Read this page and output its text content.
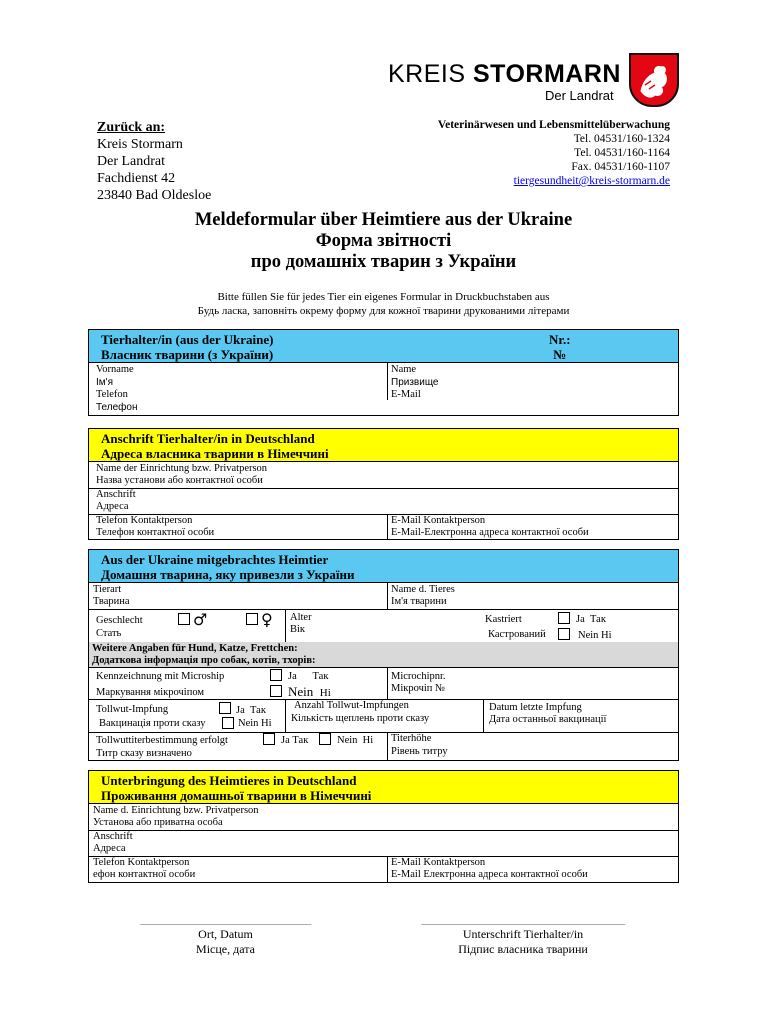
KREIS STORMARN
Der Landrat
Zurück an:
Kreis Stormarn
Der Landrat
Fachdienst 42
23840 Bad Oldesloe
Veterinärwesen und Lebensmittelüberwachung
Tel. 04531/160-1324
Tel. 04531/160-1164
Fax. 04531/160-1107
tiergesundheit@kreis-stormarn.de
Meldeformular über Heimtiere aus der Ukraine
Форма звітності
про домашніх тварин з України
Bitte füllen Sie für jedes Tier ein eigenes Formular in Druckbuchstaben aus
Будь ласка, заповніть окрему форму для кожної тварини друкованими літерами
Tierhalter/in (aus der Ukraine)
Власник тварини (з України)
Nr.:
№
Vorname
Ім'я
Name
Призвище
Telefon
Телефон
E-Mail
Anschrift Tierhalter/in in Deutschland
Адреса власника тварини в Німеччині
Name der Einrichtung bzw. Privatperson
Назва установи або контактної особи
Anschrift
Адреса
Telefon Kontaktperson
Телефон контактної особи
E-Mail Kontaktperson
E-Mail-Електронна адреса контактної особи
Aus der Ukraine mitgebrachtes Heimtier
Домашня тварина, яку привезли з України
Tierart
Тварина
Name d. Tieres
Ім'я тварини
Geschlecht
Стать
♂	♀ Alter
Вік
Kastriert
Кастрований
Ja Так
Nein Ні
Weitere Angaben für Hund, Katze, Frettchen:
Додаткова інформація про собак, котів, тхорів:
Kennzeichnung mit Microship
Маркування мікрочіпом
Ja Так
Nein Ні
Microchipnr.
Мікрочіп №
Tollwut-Impfung
Вакцинація проти сказу
Ja Так
Nein Ні
Anzahl Tollwut-Impfungen
Кількість щеплень проти сказу
Datum letzte Impfung
Дата останньої вакцинації
Tollwuttiterbestimmung erfolgt
Титр сказу визначено
Ja Так	Nein Ні Titerhöhe
Рівень титру
Unterbringung des Heimtieres in Deutschland
Проживання домашньої тварини в Німеччині
Name d. Einrichtung bzw. Privatperson
Установа або приватна особа
Anschrift
Адреса
Telefon Kontaktperson
ефон контактної особи
E-Mail Kontaktperson
E-Mail Електронна адреса контактної особи
_______________________________
Ort, Datum
Місце, дата
_____________________________________
Unterschrift Tierhalter/in
Підпис власника тварини
